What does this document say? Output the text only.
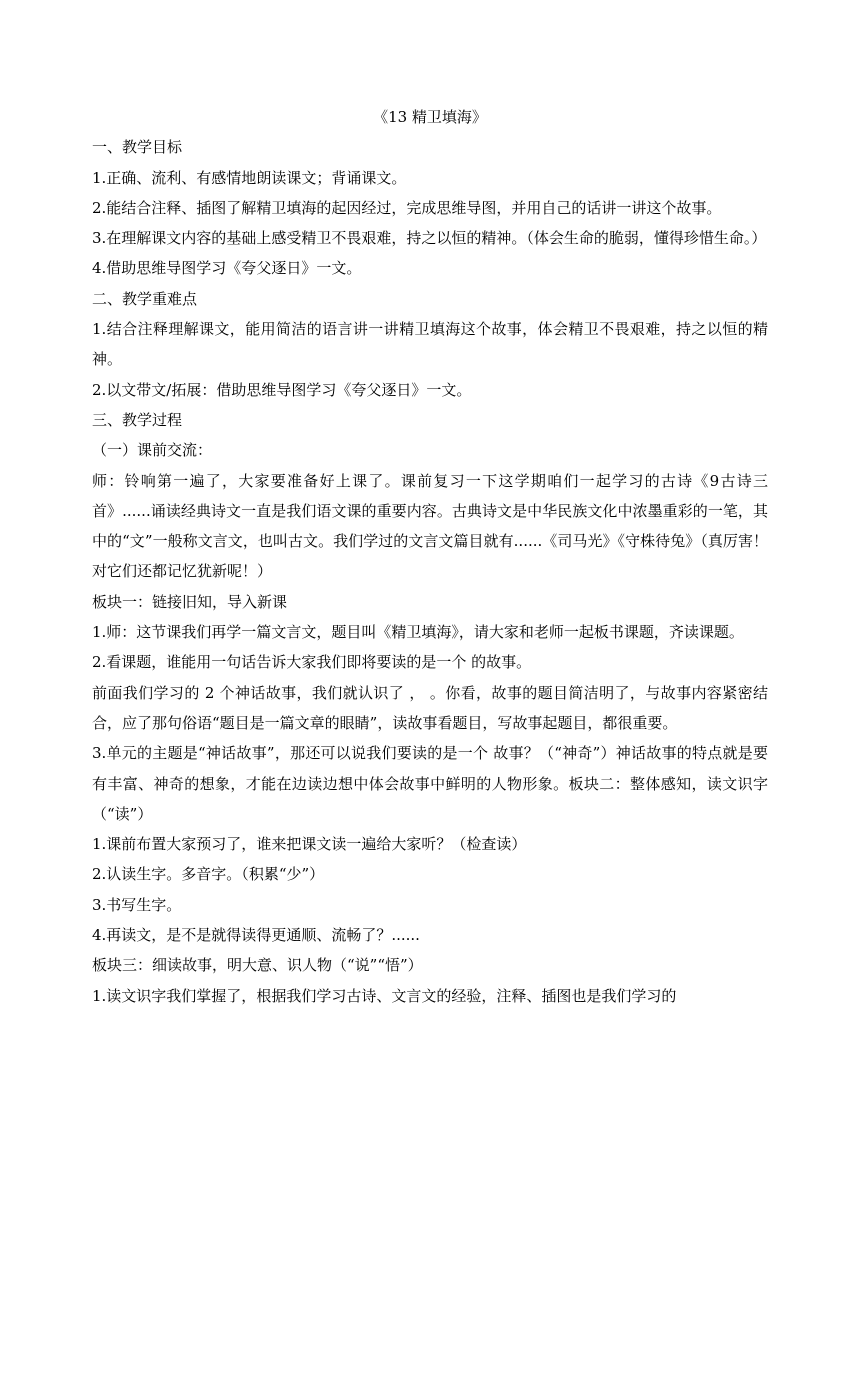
《13 精卫填海》

一、教学目标

1.正确、流利、有感情地朗读课文；背诵课文。

2.能结合注释、插图了解精卫填海的起因经过，完成思维导图，并用自己的话讲一讲这个故事。

3.在理解课文内容的基础上感受精卫不畏艰难，持之以恒的精神。（体会生命的脆弱，懂得珍惜生命。）

4.借助思维导图学习《夸父逐日》一文。

二、教学重难点

1.结合注释理解课文，能用简洁的语言讲一讲精卫填海这个故事，体会精卫不畏艰难，持之以恒的精神。

2.以文带文/拓展：借助思维导图学习《夸父逐日》一文。

三、教学过程

（一）课前交流：

师：铃响第一遍了，大家要准备好上课了。课前复习一下这学期咱们一起学习的古诗《9古诗三首》......诵读经典诗文一直是我们语文课的重要内容。古典诗文是中华民族文化中浓墨重彩的一笔，其中的“文”一般称文言文，也叫古文。我们学过的文言文篇目就有......《司马光》《守株待兔》（真厉害！对它们还都记忆犹新呢！）

板块一：链接旧知，导入新课

1.师：这节课我们再学一篇文言文，题目叫《精卫填海》，请大家和老师一起板书课题，齐读课题。

2.看课题，谁能用一句话告诉大家我们即将要读的是一个 的故事。

前面我们学习的 2 个神话故事，我们就认识了 ， 。你看，故事的题目简洁明了，与故事内容紧密结合，应了那句俗语“题目是一篇文章的眼睛”，读故事看题目，写故事起题目，都很重要。

3.单元的主题是“神话故事”，那还可以说我们要读的是一个 故事？（“神奇”）神话故事的特点就是要有丰富、神奇的想象，才能在边读边想中体会故事中鲜明的人物形象。板块二：整体感知，读文识字（“读”）

1.课前布置大家预习了，谁来把课文读一遍给大家听？（检查读）

2.认读生字。多音字。（积累“少”）

3.书写生字。

4.再读文，是不是就得读得更通顺、流畅了？......

板块三：细读故事，明大意、识人物（“说”“悟”）

1.读文识字我们掌握了，根据我们学习古诗、文言文的经验，注释、插图也是我们学习的
